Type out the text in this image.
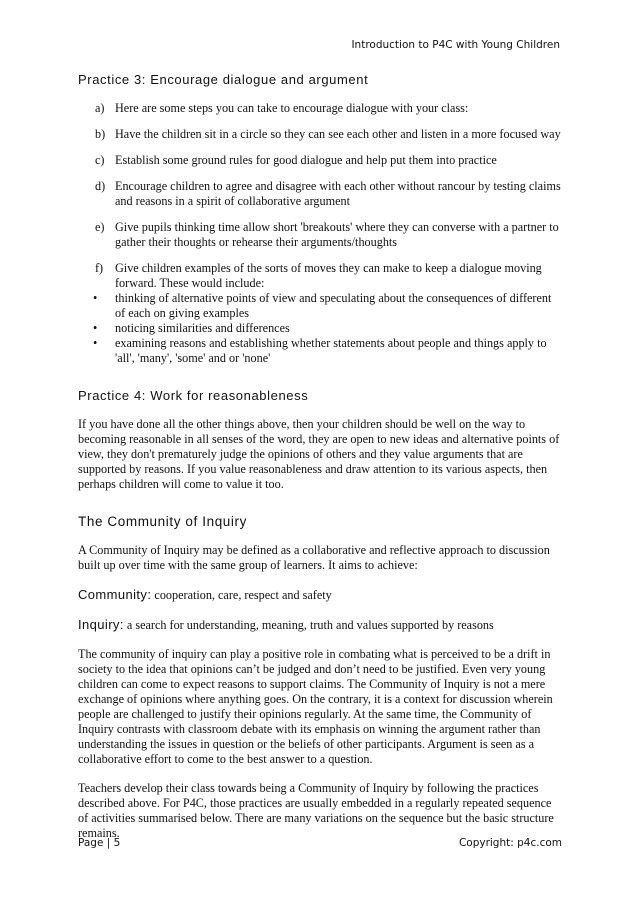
Introduction to P4C with Young Children
Practice 3: Encourage dialogue and argument
a) Here are some steps you can take to encourage dialogue with your class:
b) Have the children sit in a circle so they can see each other and listen in a more focused way
c) Establish some ground rules for good dialogue and help put them into practice
d) Encourage children to agree and disagree with each other without rancour by testing claims and reasons in a spirit of collaborative argument
e) Give pupils thinking time allow short 'breakouts' where they can converse with a partner to gather their thoughts or rehearse their arguments/thoughts
f) Give children examples of the sorts of moves they can make to keep a dialogue moving forward. These would include:
• thinking of alternative points of view and speculating about the consequences of different of each on giving examples
• noticing similarities and differences
• examining reasons and establishing whether statements about people and things apply to 'all', 'many', 'some' and or 'none'
Practice 4: Work for reasonableness

If you have done all the other things above, then your children should be well on the way to becoming reasonable in all senses of the word, they are open to new ideas and alternative points of view, they don't prematurely judge the opinions of others and they value arguments that are supported by reasons. If you value reasonableness and draw attention to its various aspects, then perhaps children will come to value it too.

The Community of Inquiry

A Community of Inquiry may be defined as a collaborative and reflective approach to discussion built up over time with the same group of learners. It aims to achieve:

Community: cooperation, care, respect and safety

Inquiry: a search for understanding, meaning, truth and values supported by reasons

The community of inquiry can play a positive role in combating what is perceived to be a drift in society to the idea that opinions can’t be judged and don’t need to be justified. Even very young children can come to expect reasons to support claims. The Community of Inquiry is not a mere exchange of opinions where anything goes. On the contrary, it is a context for discussion wherein people are challenged to justify their opinions regularly. At the same time, the Community of Inquiry contrasts with classroom debate with its emphasis on winning the argument rather than understanding the issues in question or the beliefs of other participants. Argument is seen as a collaborative effort to come to the best answer to a question.

Teachers develop their class towards being a Community of Inquiry by following the practices described above. For P4C, those practices are usually embedded in a regularly repeated sequence of activities summarised below. There are many variations on the sequence but the basic structure remains.

Page | 5	Copyright: p4c.com
